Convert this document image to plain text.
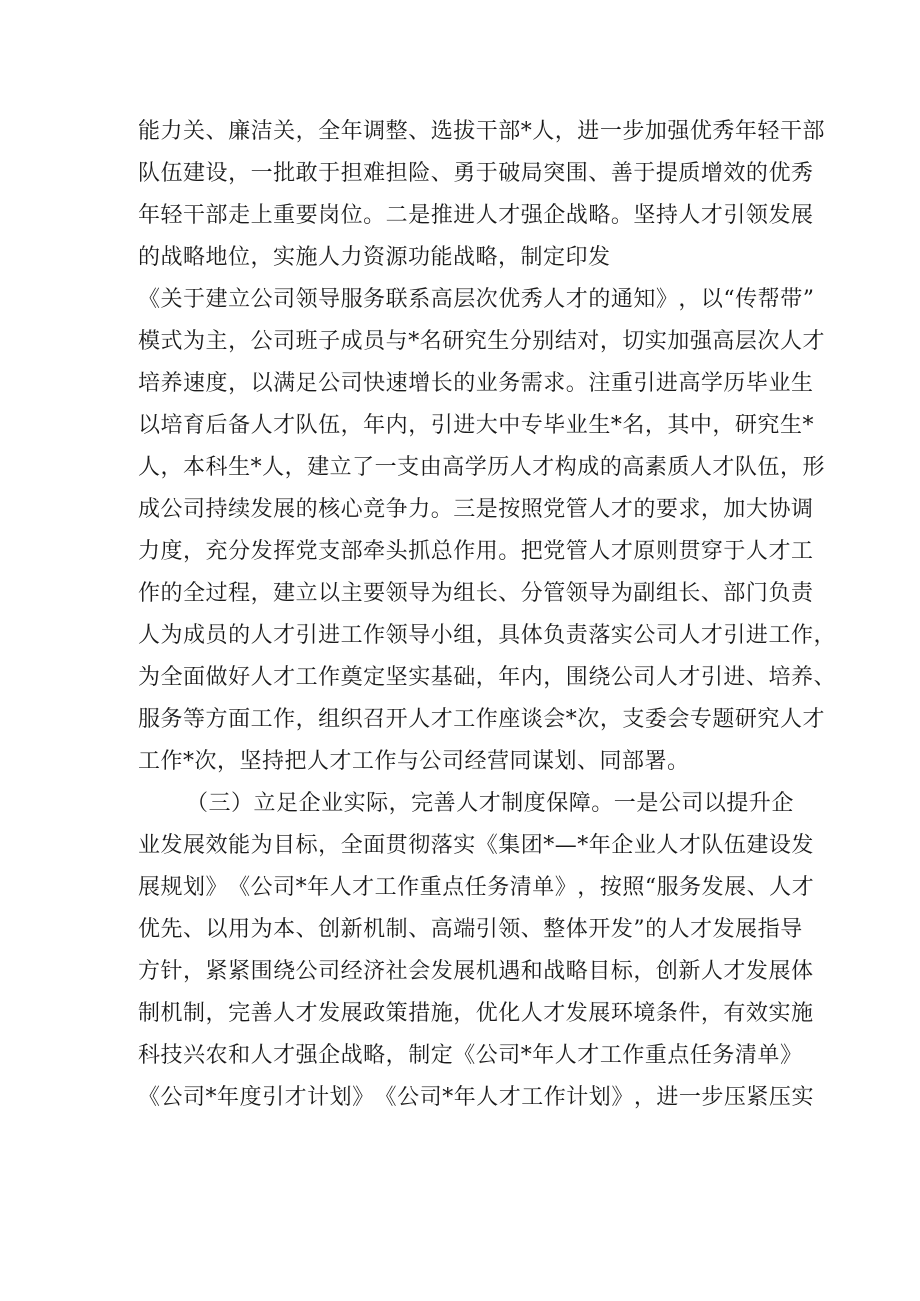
能 力 关 、 廉 洁 关 ， 全 年 调 整 、 选 拔 干 部 * 人 ， 进 一 步 加 强 优 秀 年 轻 干 部
队 伍 建 设 ， 一 批 敢 于 担 难 担 险 、 勇 于 破 局 突 围 、 善 于 提 质 增 效 的 优 秀
年 轻 干 部 走 上 重 要 岗 位 。 二 是 推 进 人 才 强 企 战 略 。 坚 持 人 才 引 领 发 展
的战略地位，实施人力资源功能战略，制定印发
《 关 于 建 立 公 司 领 导 服 务 联 系 高 层 次 优 秀 人 才 的 通 知 》 ， 以 “ 传 帮 带 ”
模 式 为 主 ， 公 司 班 子 成 员 与 * 名 研 究 生 分 别 结 对 ， 切 实 加 强 高 层 次 人 才
培 养 速 度 ， 以 满 足 公 司 快 速 增 长 的 业 务 需 求 。 注 重 引 进 高 学 历 毕 业 生
以 培 育 后 备 人 才 队 伍 ， 年 内 ， 引 进 大 中 专 毕 业 生 * 名 ， 其 中 ， 研 究 生 *
人 ， 本 科 生 * 人 ， 建 立 了 一 支 由 高 学 历 人 才 构 成 的 高 素 质 人 才 队 伍 ， 形
成 公 司 持 续 发 展 的 核 心 竞 争 力 。 三 是 按 照 党 管 人 才 的 要 求 ， 加 大 协 调
力 度 ， 充 分 发 挥 党 支 部 牵 头 抓 总 作 用 。 把 党 管 人 才 原 则 贯 穿 于 人 才 工
作 的 全 过 程 ， 建 立 以 主 要 领 导 为 组 长 、 分 管 领 导 为 副 组 长 、 部 门 负 责
人 为 成 员 的 人 才 引 进 工 作 领 导 小 组 ， 具 体 负 责 落 实 公 司 人 才 引 进 工 作 ，
为 全 面 做 好 人 才 工 作 奠 定 坚 实 基 础 ， 年 内 ， 围 绕 公 司 人 才 引 进 、 培 养 、
服 务 等 方 面 工 作 ， 组 织 召 开 人 才 工 作 座 谈 会 * 次 ， 支 委 会 专 题 研 究 人 才
工作*次，坚持把人才工作与公司经营同谋划、同部署。
（ 三 ） 立 足 企 业 实 际 ， 完 善 人 才 制 度 保 障 。 一 是 公 司 以 提 升 企
业 发 展 效 能 为 目 标 ， 全 面 贯 彻 落 实 《 集 团 * — * 年 企 业 人 才 队 伍 建 设 发
展 规 划 》 《 公 司 * 年 人 才 工 作 重 点 任 务 清 单 》 ， 按 照 “ 服 务 发 展 、 人 才
优 先 、 以 用 为 本 、 创 新 机 制 、 高 端 引 领 、 整 体 开 发 ” 的 人 才 发 展 指 导
方 针 ， 紧 紧 围 绕 公 司 经 济 社 会 发 展 机 遇 和 战 略 目 标 ， 创 新 人 才 发 展 体
制 机 制 ， 完 善 人 才 发 展 政 策 措 施 ， 优 化 人 才 发 展 环 境 条 件 ， 有 效 实 施
科 技 兴 农 和 人 才 强 企 战 略 ， 制 定 《 公 司 * 年 人 才 工 作 重 点 任 务 清 单 》
《 公 司 * 年 度 引 才 计 划 》 《 公 司 * 年 人 才 工 作 计 划 》 ， 进 一 步 压 紧 压 实
